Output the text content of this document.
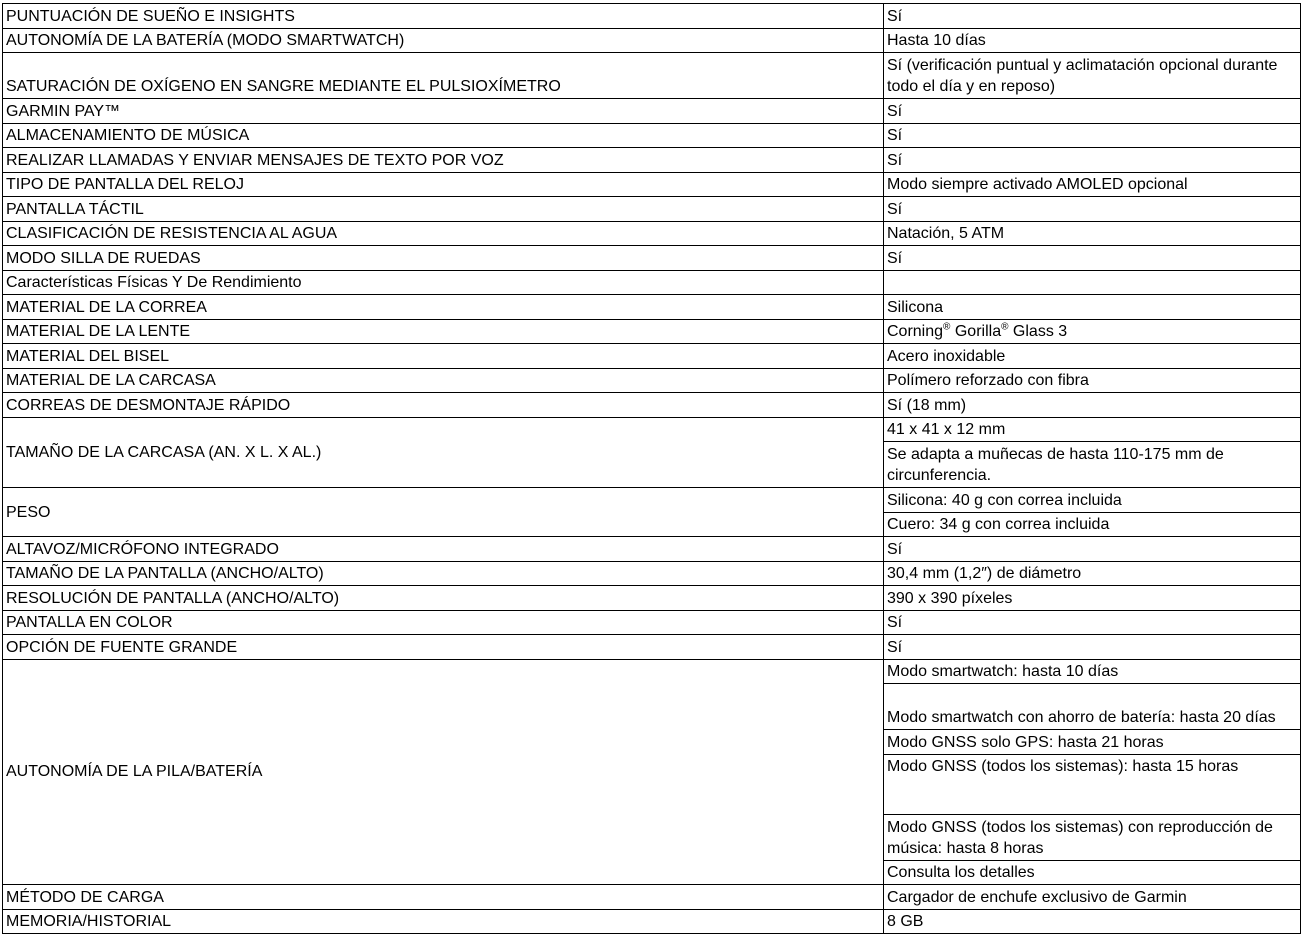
PUNTUACIÓN DE SUEÑO E INSIGHTS	Sí
AUTONOMÍA DE LA BATERÍA (MODO SMARTWATCH)	Hasta 10 días
SATURACIÓN DE OXÍGENO EN SANGRE MEDIANTE EL PULSIOXÍMETRO	Sí (verificación puntual y aclimatación opcional durante todo el día y en reposo)
GARMIN PAY™	Sí
ALMACENAMIENTO DE MÚSICA	Sí
REALIZAR LLAMADAS Y ENVIAR MENSAJES DE TEXTO POR VOZ	Sí
TIPO DE PANTALLA DEL RELOJ	Modo siempre activado AMOLED opcional
PANTALLA TÁCTIL	Sí
CLASIFICACIÓN DE RESISTENCIA AL AGUA	Natación, 5 ATM
MODO SILLA DE RUEDAS	Sí
Características Físicas Y De Rendimiento	
MATERIAL DE LA CORREA	Silicona
MATERIAL DE LA LENTE	Corning® Gorilla® Glass 3
MATERIAL DEL BISEL	Acero inoxidable
MATERIAL DE LA CARCASA	Polímero reforzado con fibra
CORREAS DE DESMONTAJE RÁPIDO	Sí (18 mm)
TAMAÑO DE LA CARCASA (AN. X L. X AL.)	41 x 41 x 12 mm
	Se adapta a muñecas de hasta 110-175 mm de circunferencia.
PESO	Silicona: 40 g con correa incluida
	Cuero: 34 g con correa incluida
ALTAVOZ/MICRÓFONO INTEGRADO	Sí
TAMAÑO DE LA PANTALLA (ANCHO/ALTO)	30,4 mm (1,2″) de diámetro
RESOLUCIÓN DE PANTALLA (ANCHO/ALTO)	390 x 390 píxeles
PANTALLA EN COLOR	Sí
OPCIÓN DE FUENTE GRANDE	Sí
AUTONOMÍA DE LA PILA/BATERÍA	Modo smartwatch: hasta 10 días
	Modo smartwatch con ahorro de batería: hasta 20 días
	Modo GNSS solo GPS: hasta 21 horas
	Modo GNSS (todos los sistemas): hasta 15 horas
	Modo GNSS (todos los sistemas) con reproducción de música: hasta 8 horas
	Consulta los detalles
MÉTODO DE CARGA	Cargador de enchufe exclusivo de Garmin
MEMORIA/HISTORIAL	8 GB
